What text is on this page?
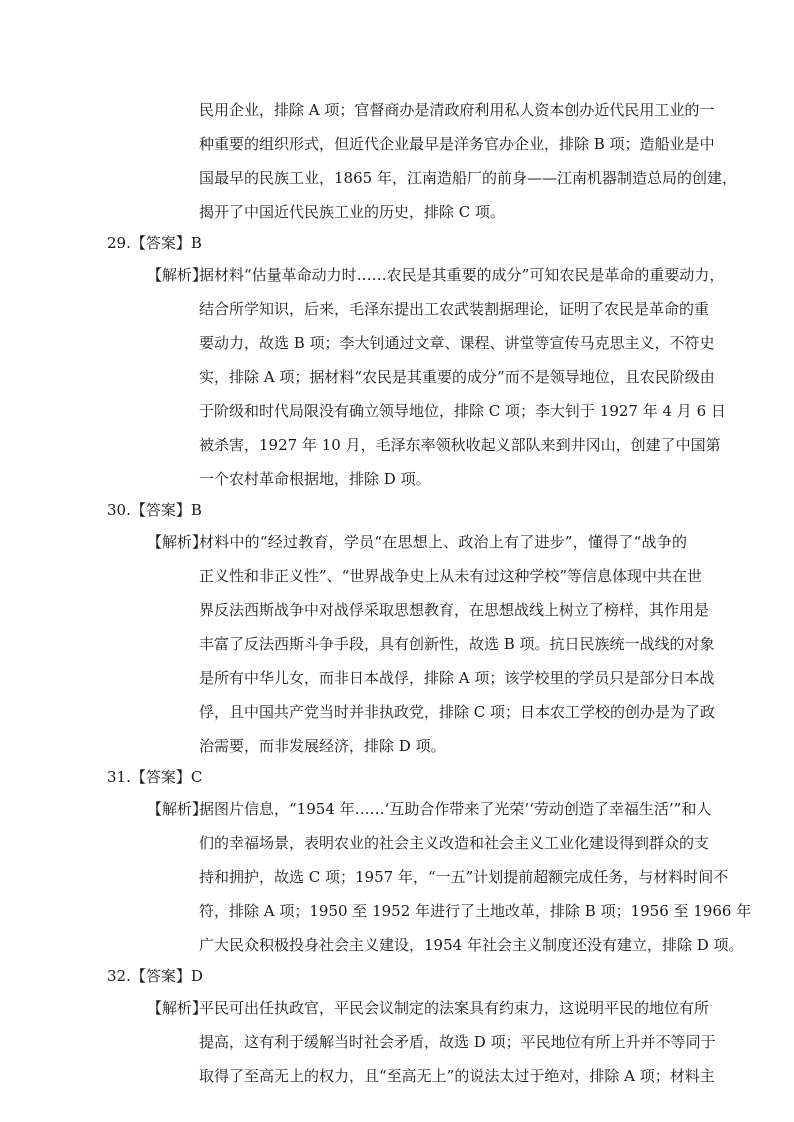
民用企业，排除 A 项；官督商办是清政府利用私人资本创办近代民用工业的一
种重要的组织形式，但近代企业最早是洋务官办企业，排除 B 项；造船业是中
国最早的民族工业，1865 年，江南造船厂的前身——江南机器制造总局的创建，
揭开了中国近代民族工业的历史，排除 C 项。
29.【答案】B
【解析】
据材料“估量革命动力时……农民是其重要的成分”可知农民是革命的重要动力，
结合所学知识，后来，毛泽东提出工农武装割据理论，证明了农民是革命的重
要动力，故选 B 项；李大钊通过文章、课程、讲堂等宣传马克思主义，不符史
实，排除 A 项；据材料“农民是其重要的成分”而不是领导地位，且农民阶级由
于阶级和时代局限没有确立领导地位，排除 C 项；李大钊于 1927 年 4 月 6 日
被杀害，1927 年 10 月，毛泽东率领秋收起义部队来到井冈山，创建了中国第
一个农村革命根据地，排除 D 项。
30.【答案】B
【解析】
材料中的“经过教育，学员“在思想上、政治上有了进步”，懂得了“战争的
正义性和非正义性”、“世界战争史上从未有过这种学校”等信息体现中共在世
界反法西斯战争中对战俘采取思想教育，在思想战线上树立了榜样，其作用是
丰富了反法西斯斗争手段，具有创新性，故选 B 项。抗日民族统一战线的对象
是所有中华儿女，而非日本战俘，排除 A 项；该学校里的学员只是部分日本战
俘，且中国共产党当时并非执政党，排除 C 项；日本农工学校的创办是为了政
治需要，而非发展经济，排除 D 项。
31.【答案】C
【解析】
据图片信息，“1954 年……‘互助合作带来了光荣’‘劳动创造了幸福生活’”和人
们的幸福场景，表明农业的社会主义改造和社会主义工业化建设得到群众的支
持和拥护，故选 C 项；1957 年，“一五”计划提前超额完成任务，与材料时间不
符，排除 A 项；1950 至 1952 年进行了土地改革，排除 B 项；1956 至 1966 年
广大民众积极投身社会主义建设，1954 年社会主义制度还没有建立，排除 D 项。
32.【答案】D
【解析】
平民可出任执政官，平民会议制定的法案具有约束力，这说明平民的地位有所
提高，这有利于缓解当时社会矛盾，故选 D 项；平民地位有所上升并不等同于
取得了至高无上的权力，且“至高无上”的说法太过于绝对，排除 A 项；材料主
